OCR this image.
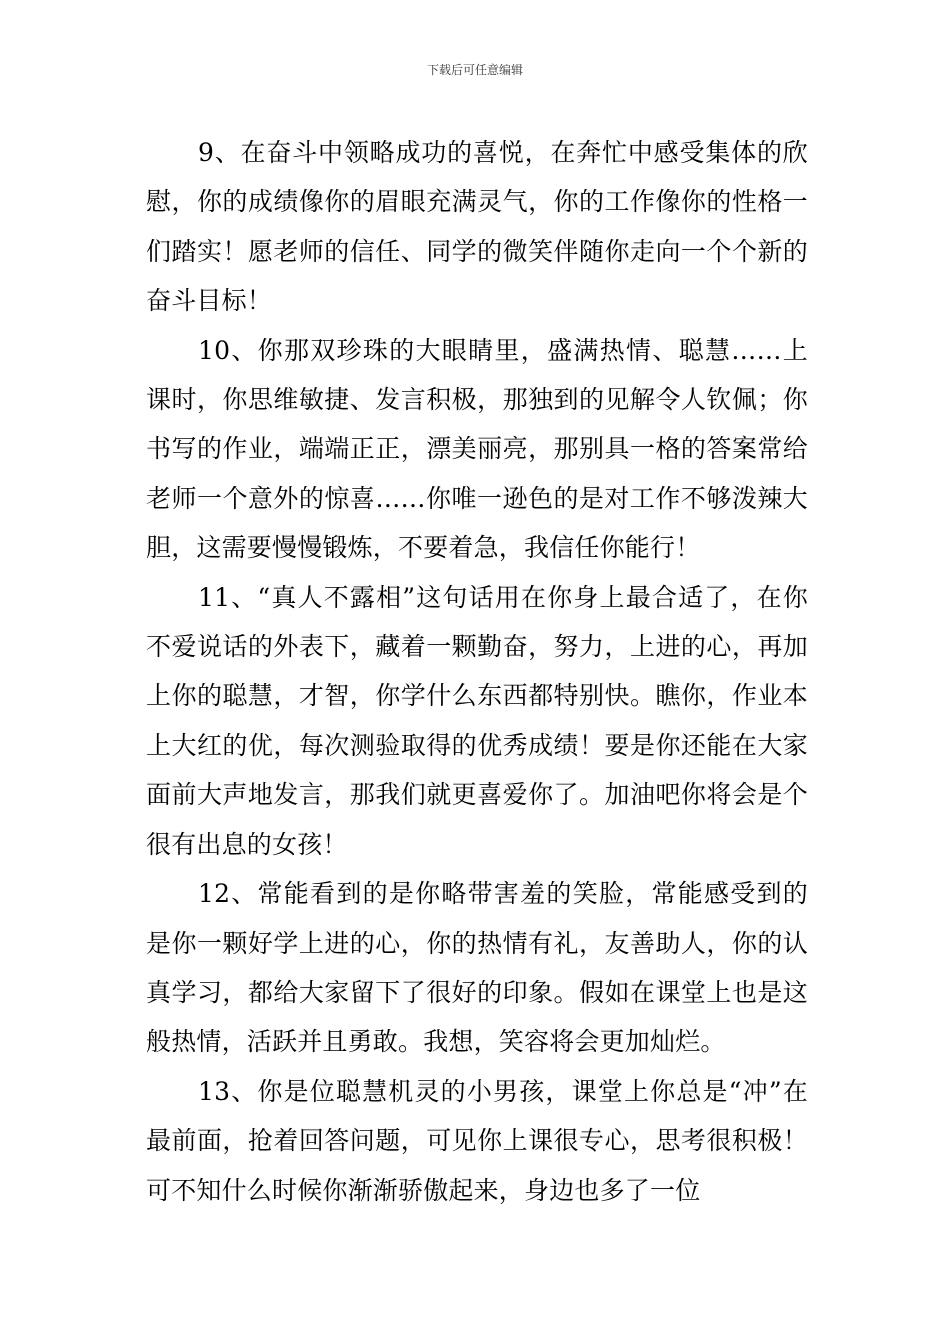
下载后可任意编辑

9、在奋斗中领略成功的喜悦，在奔忙中感受集体的欣慰，你的成绩像你的眉眼充满灵气，你的工作像你的性格一们踏实！愿老师的信任、同学的微笑伴随你走向一个个新的奋斗目标！

10、你那双珍珠的大眼睛里，盛满热情、聪慧……上课时，你思维敏捷、发言积极，那独到的见解令人钦佩；你书写的作业，端端正正，漂美丽亮，那别具一格的答案常给老师一个意外的惊喜……你唯一逊色的是对工作不够泼辣大胆，这需要慢慢锻炼，不要着急，我信任你能行！

11、“真人不露相”这句话用在你身上最合适了，在你不爱说话的外表下，藏着一颗勤奋，努力，上进的心，再加上你的聪慧，才智，你学什么东西都特别快。瞧你，作业本上大红的优，每次测验取得的优秀成绩！要是你还能在大家面前大声地发言，那我们就更喜爱你了。加油吧你将会是个很有出息的女孩！

12、常能看到的是你略带害羞的笑脸，常能感受到的是你一颗好学上进的心，你的热情有礼，友善助人，你的认真学习，都给大家留下了很好的印象。假如在课堂上也是这般热情，活跃并且勇敢。我想，笑容将会更加灿烂。

13、你是位聪慧机灵的小男孩，课堂上你总是“冲”在最前面，抢着回答问题，可见你上课很专心，思考很积极！可不知什么时候你渐渐骄傲起来，身边也多了一位
